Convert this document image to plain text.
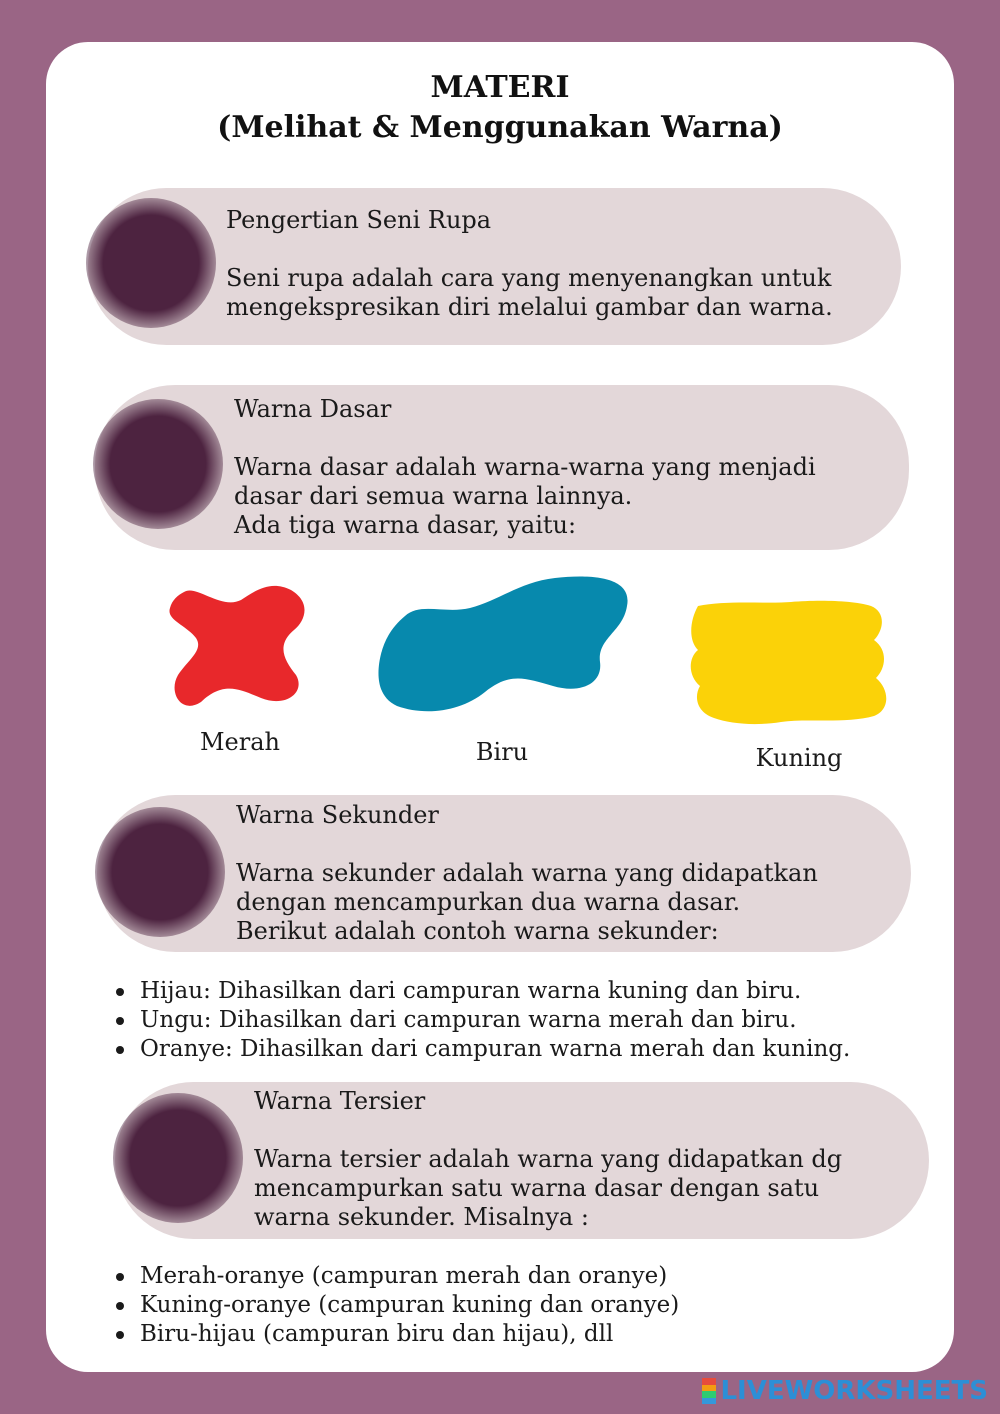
MATERI
(Melihat & Menggunakan Warna)
Pengertian Seni Rupa
Seni rupa adalah cara yang menyenangkan untuk
mengekspresikan diri melalui gambar dan warna.
Warna Dasar
Warna dasar adalah warna-warna yang menjadi
dasar dari semua warna lainnya.
Ada tiga warna dasar, yaitu:
Merah	Biru	Kuning
Warna Sekunder
Warna sekunder adalah warna yang didapatkan
dengan mencampurkan dua warna dasar.
Berikut adalah contoh warna sekunder:
Hijau: Dihasilkan dari campuran warna kuning dan biru.
Ungu: Dihasilkan dari campuran warna merah dan biru.
Oranye: Dihasilkan dari campuran warna merah dan kuning.
Warna Tersier
Warna tersier adalah warna yang didapatkan dg
mencampurkan satu warna dasar dengan satu
warna sekunder. Misalnya :
Merah-oranye (campuran merah dan oranye)
Kuning-oranye (campuran kuning dan oranye)
Biru-hijau (campuran biru dan hijau), dll
LIVEWORKSHEETS
